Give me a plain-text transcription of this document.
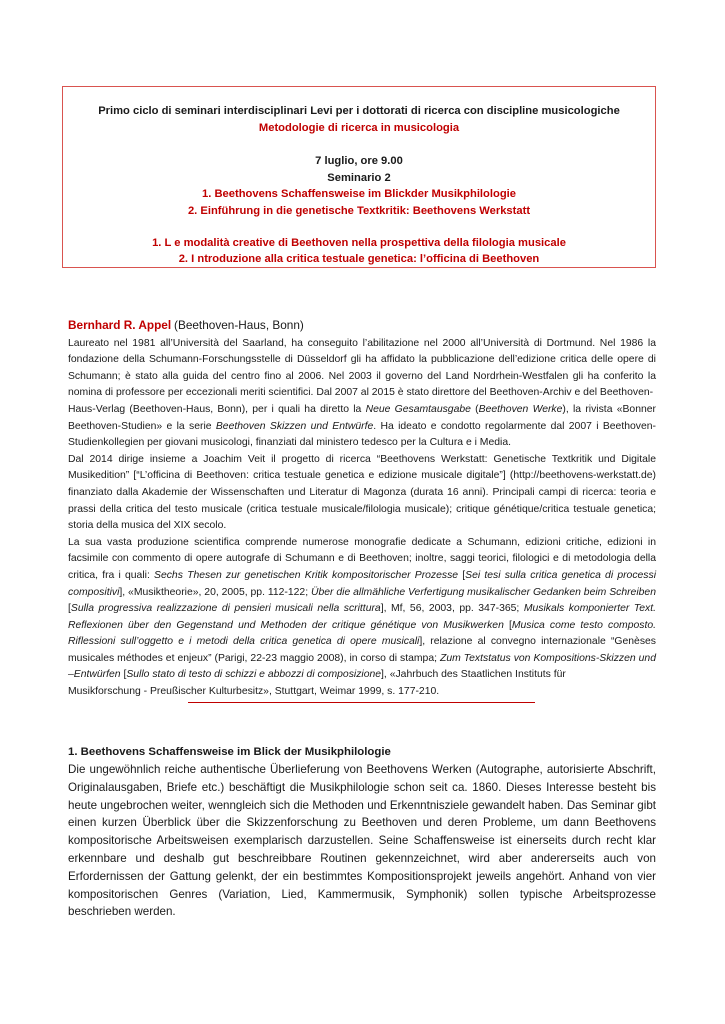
Primo ciclo di seminari interdisciplinari Levi per i dottorati di ricerca con discipline musicologiche
Metodologie di ricerca in musicologia
7 luglio, ore 9.00
Seminario 2
1. Beethovens Schaffensweise im Blickder Musikphilologie
2. Einführung in die genetische Textkritik: Beethovens Werkstatt
1. L e modalità creative di Beethoven nella prospettiva della filologia musicale
2. I ntroduzione alla critica testuale genetica: l’officina di Beethoven

Bernhard R. Appel (Beethoven-Haus, Bonn)

Laureato nel 1981 all’Università del Saarland, ha conseguito l’abilitazione nel 2000 all’Università di Dortmund. Nel 1986 la fondazione della Schumann-Forschungsstelle di Düsseldorf gli ha affidato la pubblicazione dell’edizione critica delle opere di Schumann; è stato alla guida del centro fino al 2006. Nel 2003 il governo del Land Nordrhein-Westfalen gli ha conferito la nomina di professore per eccezionali meriti scientifici. Dal 2007 al 2015 è stato direttore del Beethoven-Archiv e del Beethoven-

Haus-Verlag (Beethoven-Haus, Bonn), per i quali ha diretto la Neue Gesamtausgabe (Beethoven Werke), la rivista «Bonner Beethoven-Studien» e la serie Beethoven Skizzen und Entwürfe. Ha ideato e condotto regolarmente dal 2007 i Beethoven-Studienkollegien per giovani musicologi, finanziati dal ministero tedesco per la Cultura e i Media.

Dal 2014 dirige insieme a Joachim Veit il progetto di ricerca “Beethovens Werkstatt: Genetische Textkritik und Digitale Musikedition” [“L’officina di Beethoven: critica testuale genetica e edizione musicale digitale”] (http://beethovens-werkstatt.de) finanziato dalla Akademie der Wissenschaften und Literatur di Magonza (durata 16 anni). Principali campi di ricerca: teoria e prassi della critica del testo musicale (critica testuale musicale/filologia musicale); critique génétique/critica testuale genetica; storia della musica del XIX secolo.

La sua vasta produzione scientifica comprende numerose monografie dedicate a Schumann, edizioni critiche, edizioni in facsimile con commento di opere autografe di Schumann e di Beethoven; inoltre, saggi teorici, filologici e di metodologia della critica, fra i quali: Sechs Thesen zur genetischen Kritik kompositorischer Prozesse [Sei tesi sulla critica genetica di processi compositivi], «Musiktheorie», 20, 2005, pp. 112-122; Über die allmähliche Verfertigung musikalischer Gedanken beim Schreiben [Sulla progressiva realizzazione di pensieri musicali nella scrittura], Mf, 56, 2003, pp. 347-365; Musikals komponierter Text. Reflexionen über den Gegenstand und Methoden der critique génétique von Musikwerken [Musica come testo composto. Riflessioni sull’oggetto e i metodi della critica genetica di opere musicali], relazione al convegno internazionale “Genèses musicales méthodes et enjeux” (Parigi, 22-23 maggio 2008), in corso di stampa; Zum Textstatus von Kompositions-Skizzen und –Entwürfen [Sullo stato di testo di schizzi e abbozzi di composizione], «Jahrbuch des Staatlichen Instituts für

Musikforschung - Preußischer Kulturbesitz», Stuttgart, Weimar 1999, s. 177-210.

1. Beethovens Schaffensweise im Blick der Musikphilologie

Die ungewöhnlich reiche authentische Überlieferung von Beethovens Werken (Autographe, autorisierte Abschrift, Originalausgaben, Briefe etc.) beschäftigt die Musikphilologie schon seit ca. 1860. Dieses Interesse besteht bis heute ungebrochen weiter, wenngleich sich die Methoden und Erkenntnisziele gewandelt haben. Das Seminar gibt einen kurzen Überblick über die Skizzenforschung zu Beethoven und deren Probleme, um dann Beethovens kompositorische Arbeitsweisen exemplarisch darzustellen. Seine Schaffensweise ist einerseits durch recht klar erkennbare und deshalb gut beschreibbare Routinen gekennzeichnet, wird aber andererseits auch von Erfordernissen der Gattung gelenkt, der ein bestimmtes Kompositionsprojekt jeweils angehört. Anhand von vier kompositorischen Genres (Variation, Lied, Kammermusik, Symphonik) sollen typische Arbeitsprozesse beschrieben werden.
